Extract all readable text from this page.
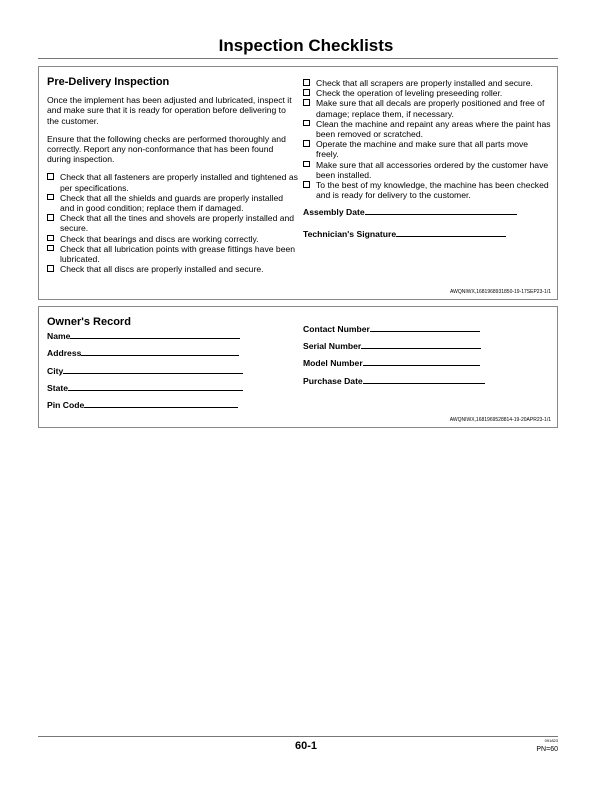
Inspection Checklists
Pre-Delivery Inspection
Once the implement has been adjusted and lubricated, inspect it and make sure that it is ready for operation before delivering to the customer.
Ensure that the following checks are performed thoroughly and correctly. Report any non-conformance that has been found during inspection.
Check that all fasteners are properly installed and tightened as per specifications.
Check that all the shields and guards are properly installed and in good condition; replace them if damaged.
Check that all the tines and shovels are properly installed and secure.
Check that bearings and discs are working correctly.
Check that all lubrication points with grease fittings have been lubricated.
Check that all discs are properly installed and secure.
Check that all scrapers are properly installed and secure.
Check the operation of leveling preseeding roller.
Make sure that all decals are properly positioned and free of damage; replace them, if necessary.
Clean the machine and repaint any areas where the paint has been removed or scratched.
Operate the machine and make sure that all parts move freely.
Make sure that all accessories ordered by the customer have been installed.
To the best of my knowledge, the machine has been checked and is ready for delivery to the customer.
Assembly Date
Technician's Signature
AWQNIWX,1681968931850-19-17SEP23-1/1
Owner's Record
Name
Address
City
State
Pin Code
Contact Number
Serial Number
Model Number
Purchase Date
AWQNIWX,1681969528814-19-20APR23-1/1
60-1	091823
PN=60
